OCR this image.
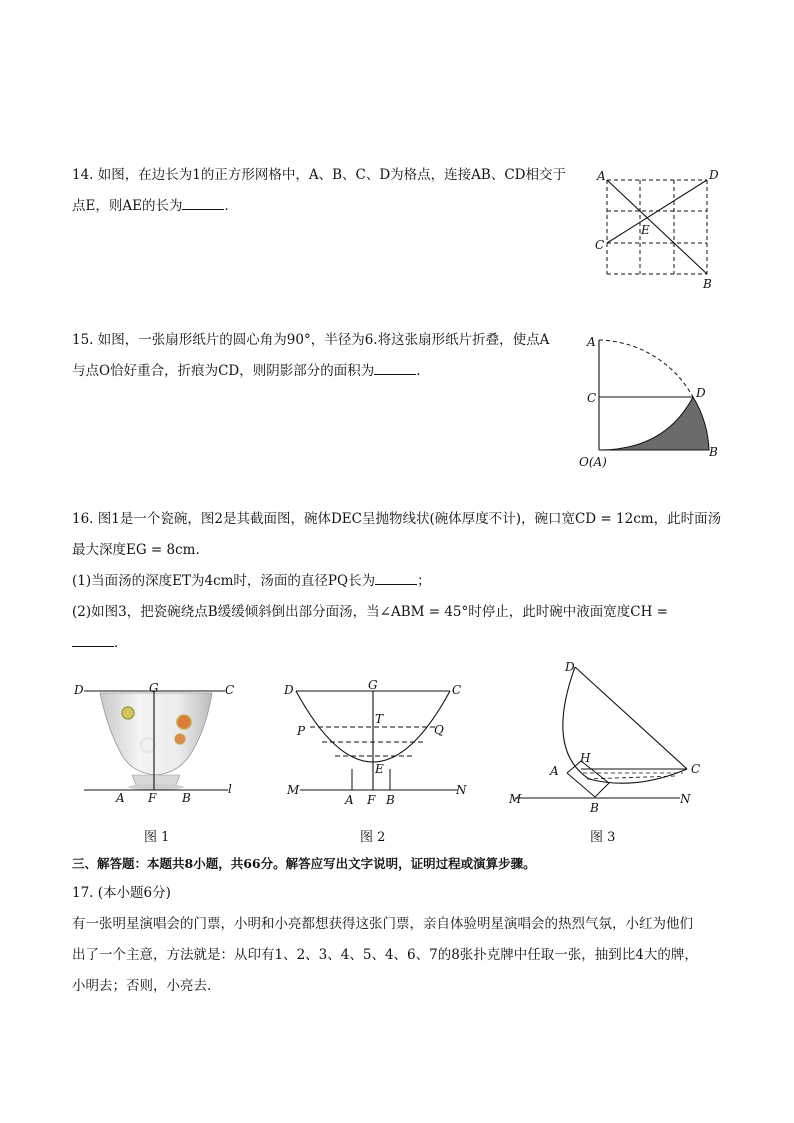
14. 如图，在边长为1的正方形网格中，A、B、C、D为格点，连接AB、CD相交于
点E，则AE的长为	．
A	D
C
E
B
15. 如图，一张扇形纸片的圆心角为90°，半径为6.将这张扇形纸片折叠，使点A
与点O恰好重合，折痕为CD，则阴影部分的面积为	．
A
C	D
O(A)
B
16. 图1是一个瓷碗，图2是其截面图，碗体DEC呈抛物线状(碗体厚度不计)，碗口宽CD = 12cm，此时面汤
最大深度EG = 8cm.
(1)当面汤的深度ET为4cm时，汤面的直径PQ长为	；
(2)如图3，把瓷碗绕点B缓缓倾斜倒出部分面汤，当∠ABM = 45°时停止，此时碗中液面宽度CH =
．
D	G	C
A F B
l
图 1
D	G	C
T
P	Q
E
M
A F B
N
图 2
D
H
A	C
M
B
N
图 3
三、解答题：本题共8小题，共66分。解答应写出文字说明，证明过程或演算步骤。
17. (本小题6分)
有一张明星演唱会的门票，小明和小亮都想获得这张门票，亲自体验明星演唱会的热烈气氛，小红为他们
出了一个主意，方法就是：从印有1、2、3、4、5、4、6、7的8张扑克牌中任取一张，抽到比4大的牌，
小明去；否则，小亮去.
